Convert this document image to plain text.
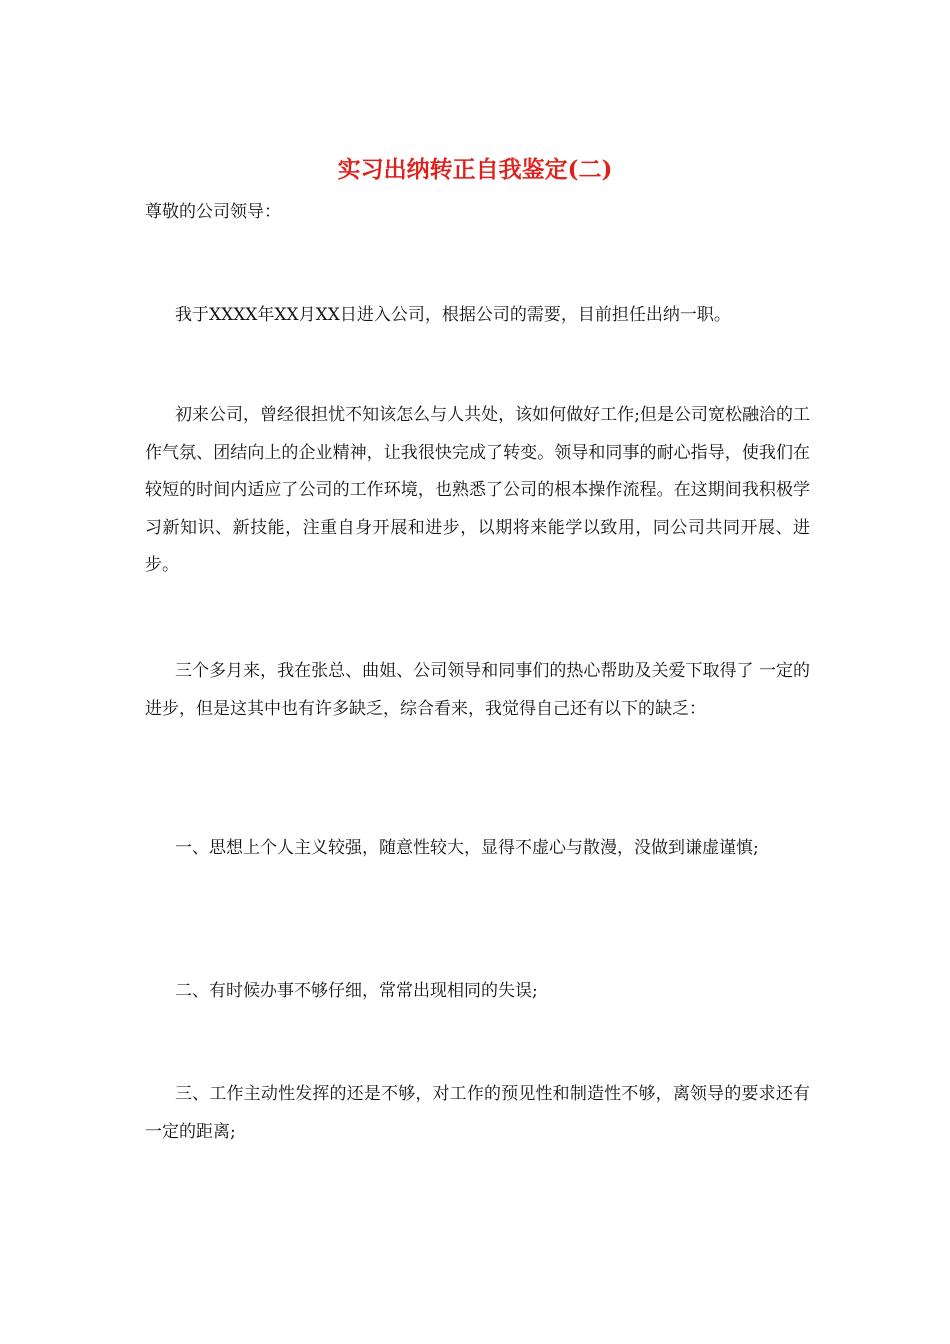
实习出纳转正自我鉴定(二)

尊敬的公司领导：

我于XXXX年XX月XX日进入公司，根据公司的需要，目前担任出纳一职。

初来公司，曾经很担忧不知该怎么与人共处，该如何做好工作;但是公司宽松融洽的工作气氛、团结向上的企业精神，让我很快完成了转变。领导和同事的耐心指导，使我们在较短的时间内适应了公司的工作环境，也熟悉了公司的根本操作流程。在这期间我积极学习新知识、新技能，注重自身开展和进步，以期将来能学以致用，同公司共同开展、进步。

三个多月来，我在张总、曲姐、公司领导和同事们的热心帮助及关爱下取得了 一定的进步，但是这其中也有许多缺乏，综合看来，我觉得自己还有以下的缺乏：

一、思想上个人主义较强，随意性较大，显得不虚心与散漫，没做到谦虚谨慎;

二、有时候办事不够仔细，常常出现相同的失误;

三、工作主动性发挥的还是不够，对工作的预见性和制造性不够，离领导的要求还有一定的距离;
